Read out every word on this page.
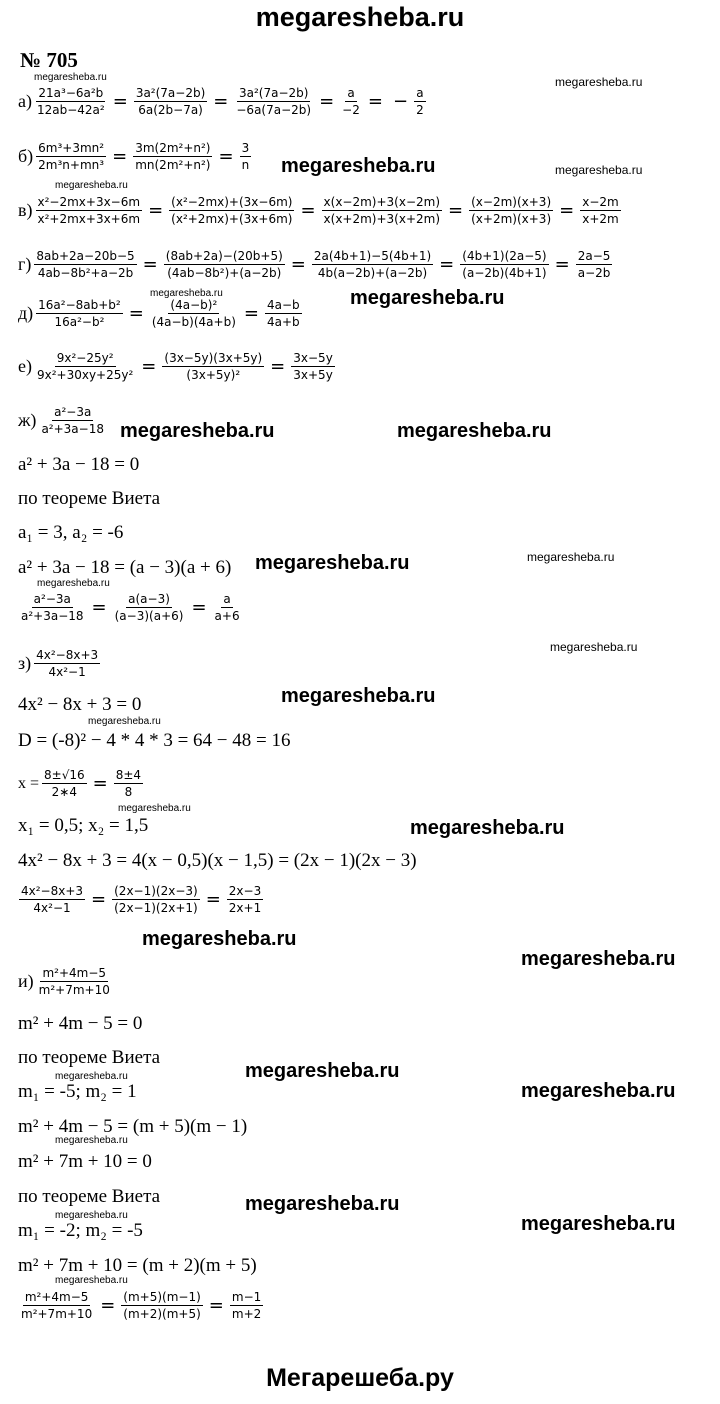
megaresheba.ru
№ 705
$а) \frac{\text{21a³−6a²b}}{\text{12ab−42a²}} = \frac{\text{3a²(7a−2b)}}{6a(2b-7a)} = \frac{\text{3a²(7a−2b)}}{-6a(7a-2b)} = \frac{a}{-2}$ = − $\frac{a}{2}$
$б) \frac{\text{6m³+3mn²}}{\text{2m³n+mn³}} = \frac{\text{3m(2m²+n²)}}{\text{mn(2m²+n²)}} = \frac{3}{n}$
$в) \frac{\text{x²−2mx+3x−6m}}{\text{x²+2mx+3x+6m}} = \frac{\text{(x²−2mx)+(3x−6m)}}{\text{(x²+2mx)+(3x+6m)}} = \frac{x(x-2m)+3(x-2m)}{x(x+2m)+3(x+2m)} = \frac{(x-2m)(x+3)}{(x+2m)(x+3)} = \frac{x-2m}{x+2m}$
$г) \frac{8ab+2a-20b-5}{\text{4ab−8b²+a−2b}} = \frac{(8ab+2a)-(20b+5)}{\text{(4ab−8b²)+(a−2b)}} = \frac{2a(4b+1)-5(4b+1)}{4b(a-2b)+(a-2b)} = \frac{(4b+1)(2a-5)}{(a-2b)(4b+1)} = \frac{2a-5}{a-2b}$
$д) \frac{\text{16a²−8ab+b²}}{\text{16a²−b²}} = \frac{\text{(4a−b)²}}{(4a-b)(4a+b)} = \frac{4a-b}{4a+b}$
$е) \frac{\text{9x²−25y²}}{\text{9x²+30xy+25y²}} = \frac{(3x-5y)(3x+5y)}{\text{(3x+5y)²}} = \frac{3x-5y}{3x+5y}$
$ж) \frac{\text{a²−3a}}{\text{a²+3a−18}}$
a² + 3a − 18 = 0
по теореме Виета
a₁ = 3, a₂ = -6
a² + 3a − 18 = (a − 3)(a + 6)
$\frac{\text{a²−3a}}{\text{a²+3a−18}} = \frac{a(a-3)}{(a-3)(a+6)} = \frac{a}{a+6}$
$з) \frac{\text{4x²−8x+3}}{\text{4x²−1}}$
4x² − 8x + 3 = 0
D = (-8)² − 4 * 4 * 3 = 64 − 48 = 16
$x = \frac{8\pm√16}{2∗4} = \frac{8\pm 4}{8}$
x₁ = 0,5; x₂ = 1,5
4x² − 8x + 3 = 4(x − 0,5)(x − 1,5) = (2x − 1)(2x − 3)
$\frac{\text{4x²−8x+3}}{\text{4x²−1}} = \frac{(2x-1)(2x-3)}{(2x-1)(2x+1)} = \frac{2x-3}{2x+1}$
$и) \frac{\text{m²+4m−5}}{\text{m²+7m+10}}$
m² + 4m − 5 = 0
по теореме Виета
m₁ = -5; m₂ = 1
m² + 4m − 5 = (m + 5)(m − 1)
m² + 7m + 10 = 0
по теореме Виета
m₁ = -2; m₂ = -5
m² + 7m + 10 = (m + 2)(m + 5)
$\frac{\text{m²+4m−5}}{\text{m²+7m+10}} = \frac{(m+5)(m-1)}{(m+2)(m+5)} = \frac{m-1}{m+2}$
megaresheba.ru
megaresheba.ru
megaresheba.ru	megaresheba.ru
megaresheba.ru
megaresheba.ru
megaresheba.ru
megaresheba.ru
megaresheba.ru
megaresheba.ru
megaresheba.ru
megaresheba.ru
megaresheba.ru
megaresheba.ru
megaresheba.ru
megaresheba.ru
megaresheba.ru
megaresheba.ru
megaresheba.ru
megaresheba.ru
megaresheba.ru
megaresheba.ru
megaresheba.ru
megaresheba.ru
megaresheba.ru
megaresheba.ru
megaresheba.ru
Мегарешеба.ру
